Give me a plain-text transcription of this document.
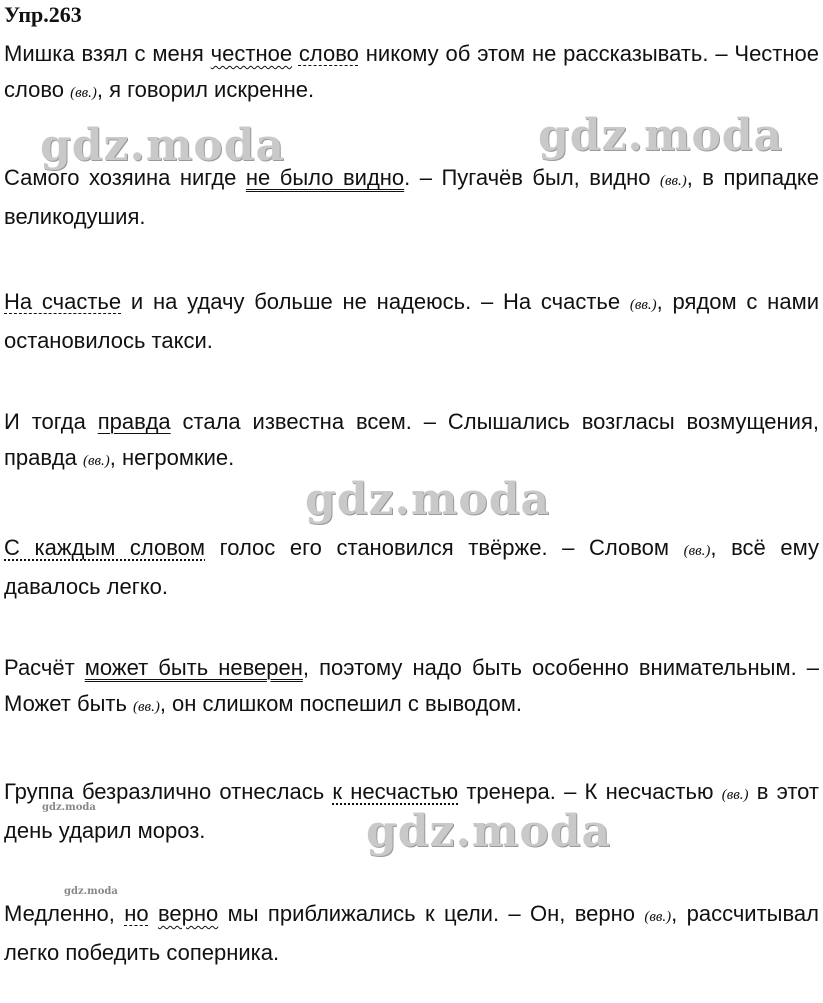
Упр.263
Мишка взял с меня честное слово никому об этом не рассказывать. – Честное слово (вв.), я говорил искренне.
gdz.moda	gdz.moda
Самого хозяина нигде не было видно. – Пугачёв был, видно (вв.), в припадке великодушия.
На счастье и на удачу больше не надеюсь. – На счастье (вв.), рядом с нами остановилось такси.
И тогда правда стала известна всем. – Слышались возгласы возмущения, правда (вв.), негромкие.
gdz.moda
С каждым словом голос его становился твёрже. – Словом (вв.), всё ему давалось легко.
Расчёт может быть неверен, поэтому надо быть особенно внимательным. – Может быть (вв.), он слишком поспешил с выводом.
Группа безразлично отнеслась к несчастью тренера. – К несчастью (вв.) в этот день ударил мороз.
gdz.moda	gdz.moda
Медленно, но верно мы приближались к цели. – Он, верно (вв.), рассчитывал легко победить соперника.
gdz.moda
